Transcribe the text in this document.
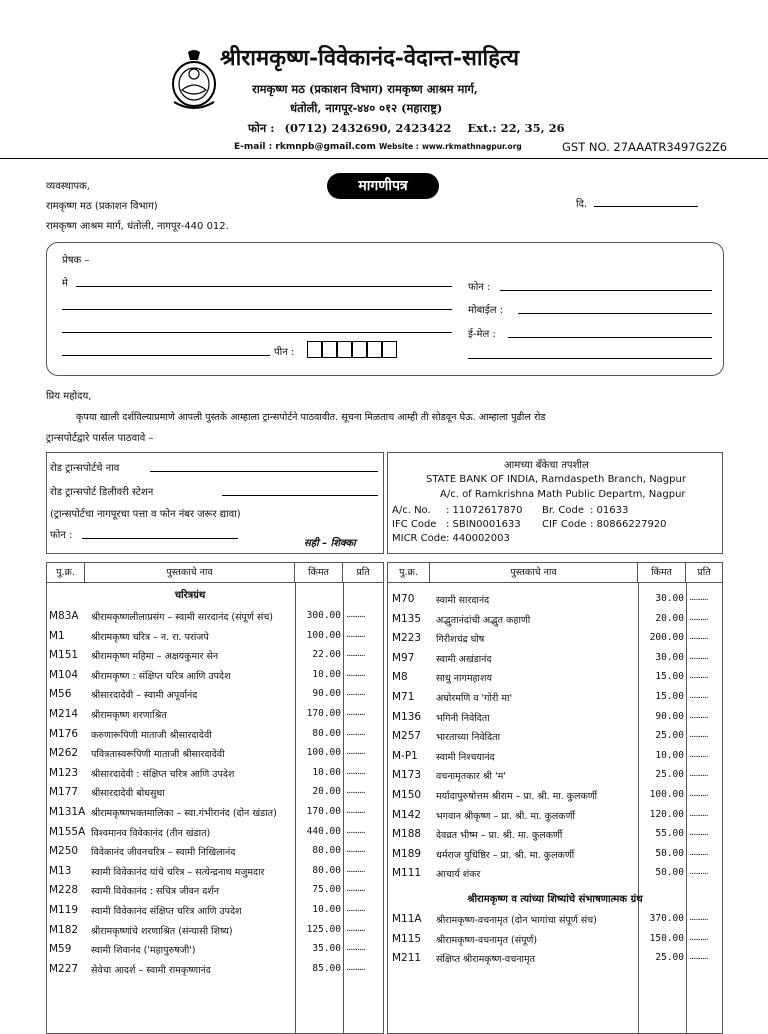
श्रीरामकृष्ण-विवेकानंद-वेदान्त-साहित्य
रामकृष्ण मठ (प्रकाशन विभाग) रामकृष्ण आश्रम मार्ग,
धंतोली, नागपूर-४४० ०१२ (महाराष्ट्र)
फोन : (0712) 2432690, 2423422 Ext.: 22, 35, 26
E-mail : rkmnpb@gmail.com Website : www.rkmathnagpur.org	GST NO. 27AAATR3497G2Z6
मागणीपत्र
व्यवस्थापक,
रामकृष्ण मठ (प्रकाशन विभाग)
रामकृष्ण आश्रम मार्ग, धंतोली, नागपूर-440 012.
दि.
प्रेषक –
मे
पीन :
फोन :
मोबाईल :
ई-मेल :
प्रिय महोदय,
कृपया खाली दर्शविल्याप्रमाणे आपली पुस्तके आम्हाला ट्रान्सपोर्टने पाठवावीत. सूचना मिळताच आम्ही ती सोडवून घेऊ. आम्हाला पुढील रोड
ट्रान्सपोर्टद्वारे पार्सल पाठवावे –
रोड ट्रान्सपोर्टचे नाव
रोड ट्रान्सपोर्ट डिलीवरी स्टेशन
(ट्रान्सपोर्टचा नागपूरचा पत्ता व फोन नंबर जरूर द्यावा)
फोन :
सही – शिक्का
आमच्या बँकेचा तपशील
STATE BANK OF INDIA, Ramdaspeth Branch, Nagpur
A/c. of Ramkrishna Math Public Departm, Nagpur
A/c. No. : 11072617870 Br. Code : 01633
IFC Code : SBIN0001633 CIF Code : 80866227920
MICR Code : 440002003
पु.क्र.	पुस्तकाचे नाव	किंमत	प्रति
चरित्रग्रंथ
M83A श्रीरामकृष्णलीलाप्रसंग – स्वामी सारदानंद (संपूर्ण संच)	300.00 ..........
M1	श्रीरामकृष्ण चरित्र – न. रा. परांजपे	100.00 ..........
M151 श्रीरामकृष्ण महिमा – अक्षयकुमार सेन	22.00 ..........
M104 श्रीरामकृष्ण : संक्षिप्त चरित्र आणि उपदेश	10.00 ..........
M56 श्रीसारदादेवी – स्वामी अपूर्वानंद	90.00 ..........
M214 श्रीरामकृष्ण शरणाश्रित	170.00 ..........
M176 करुणारूपिणी माताजी श्रीसारदादेवी	80.00 ..........
M262 पवित्रतास्वरूपिणी माताजी श्रीसारदादेवी	100.00 ..........
M123 श्रीसारदादेवी : संक्षिप्त चरित्र आणि उपदेश	10.00 ..........
M177 श्रीसारदादेवी बोधसुधा	20.00 ..........
M131A श्रीरामकृष्णभक्तमालिका – स्वा.गंभीरानंद (दोन खंडात)	170.00 ..........
M155A विश्वमानव विवेकानंद (तीन खंडात)	440.00 ..........
M250 विवेकानंद जीवनचरित्र – स्वामी निखिलानंद	80.00 ..........
M13 स्वामी विवेकानंद यांचे चरित्र – सत्येन्द्रनाथ मजुमदार	80.00 ..........
M228 स्वामी विवेकानंद : सचित्र जीवन दर्शन	75.00 ..........
M119 स्वामी विवेकानंद संक्षिप्त चरित्र आणि उपदेश	10.00 ..........
M182 श्रीरामकृष्णांचे शरणाश्रित (संन्यासी शिष्य)	125.00 ..........
M59 स्वामी शिवानंद ('महापुरुषजी')	35.00 ..........
M227 सेवेचा आदर्श – स्वामी रामकृष्णानंद	85.00 ..........
पु.क्र.	पुस्तकाचे नाव	किंमत	प्रति
श्रीरामकृष्ण व त्यांच्या शिष्यांचे संभाषणात्मक ग्रंथ
M70 स्वामी सारदानंद	30.00 ..........
M135 अद्भुतानंदांची अद्भुत कहाणी	20.00 ..........
M223 गिरीशचंद्र घोष	200.00 ..........
M97 स्वामी अखंडानंद	30.00 ..........
M8	साधु नागमहाशय	15.00 ..........
M71 अघोरमणि व 'गोरी मा'	15.00 ..........
M136 भगिनी निवेदिता	90.00 ..........
M257 भारताच्या निवेदिता	25.00 ..........
M-P1 स्वामी निश्चयानंद	10.00 ..........
M173 वचनामृतकार श्री 'म'	25.00 ..........
M150 मर्यादापुरुषोत्तम श्रीराम – प्रा. श्री. मा. कुलकर्णी	100.00 ..........
M142 भगवान श्रीकृष्ण – प्रा. श्री. मा. कुलकर्णी	120.00 ..........
M188 देवव्रत भीष्म – प्रा. श्री. मा. कुलकर्णी	55.00 ..........
M189 धर्मराज युधिष्ठिर – प्रा. श्री. मा. कुलकर्णी	50.00 ..........
M111 आचार्य शंकर	50.00 ..........
M11A श्रीरामकृष्ण-वचनामृत (दोन भागांचा संपूर्ण संच)	370.00 ..........
M115 श्रीरामकृष्ण-वचनामृत (संपूर्ण)	150.00 ..........
M211 संक्षिप्त श्रीरामकृष्ण-वचनामृत	25.00 ..........
